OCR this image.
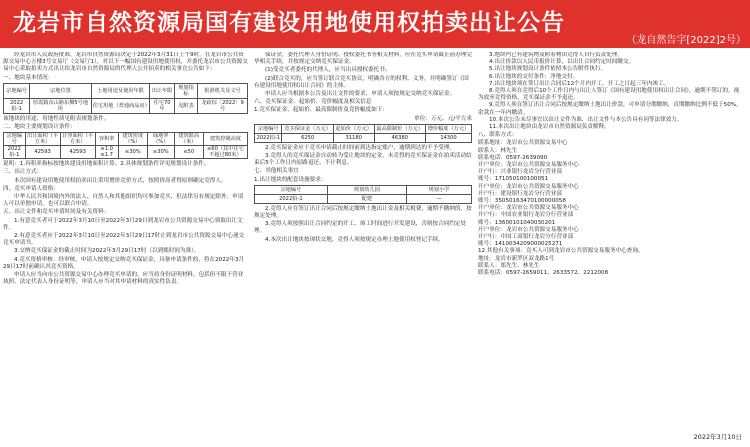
龙岩市自然资源局国有建设用地使用权拍卖出让公告
（龙自然告字[2022]2号）

经龙岩市人民政府批准，龙岩市自然资源局决定于2022年3月31日上午9时，在龙岩市公共资源交易中心五楼3号交易厅（交易厅1），对以下一幅国有建设用地使用权，并委托龙岩市公共资源交易中心采取拍卖方式出让给龙岩市自然资源局的代理人公开拍卖的相关事宜公告如下：

一、地块基本情况：

宗地编号	宗地位置	土地用途及使用年限	出让年限	规划指标	批准机关及文号
2022拍-1	厚霞镇东山路东侧5号地块	住宅用地（普通商品房）	住宅70年	见附表	龙政综〔2022〕9号

该地块的用途、用地性质见附表规划条件。

二、地块主要规划设计条件：

宗地编号	出让面积（平方米）	计容面积（平方米）	容积率	建筑密度（%）	绿地率（%）	建筑限高（米）	建筑控制高度
2022拍-1	42593	42593	≥1.0 ≤1.7	≤30%	≥30%	≤50	≤60（其中住宅不超过80米）

说明：1.容积率指标按地块建设用地面积计算；2.具体规划条件详见规划设计条件。

三、出让方式：

本次国有建设用地使用权拍卖出让采用增价竞价方式，按照价高者得原则确定竞得人。

四、竞买申请人资格：

中华人民共和国境内外的法人、自然人和其他组织均可参加竞买，但法律另有规定除外。申请人可以单独申请，也可以联合申请。

五、出让文件和竞买申请时间及有关资料：

1.有意竞买者可于2022年3月10日至2022年3月29日到龙岩市公共资源交易中心领取出让文件。

2.有意竞买者应于2022年3月10日至2022年3月29日17时止到龙岩市公共资源交易中心递交竞买申请书。

3.交纳竞买保证金的截止时间为2022年3月29日17时（以到账时间为准）。

4.竞买资格审核：经审核，申请人按规定交纳竞买保证金，具备申请条件的，将在2022年3月29日17时前确认其竞买资格。

申请人应当向市公共资源交易中心办理竞买申请的，应当持身份证明材料，包括但不限于营业执照、法定代表人身份证明等，申请人应当对其申请材料的真实性负责。

保证金，委托代理人身份证明、授权委托书等相关材料，应在竞买申请截止前办理完毕相关手续，并按规定交纳竞买保证金。

(1)受竞买者委托的代理人，应当出具授权委托书；

(2)联合竞买的，应当签订联合竞买协议，明确各方的权利、义务，并明确签订《国有建设用地使用权出让合同》的主体。

申请人应当根据本公告及出让文件的要求，申请人须按规定交纳竞买保证金。

六、竞买保证金、起始价、竞价幅度及相关信息

1.竞买保证金、起始价、最高限制价及竞价幅度如下：

单位：万元、元/平方米

宗地编号	竞买保证金（万元）	起始价（万元）	最高限制价（万元）	增价幅度（万元）
2022拍-1	6250	31180	46380	14300

2.竞买保证金应于竞买申请截止时间前到达指定账户，逾期到达的不予受理。

3.竞得人的竞买保证金自动转为受让地块的定金，未竞得的竞买保证金在拍卖活动结束后5个工作日内原路退还，不计利息。

七、其他相关事宜

1.出让地块的配套设施要求：

宗地编号	规划幼儿园	规划小学
2022拍-1	配建	—

2.竞得人应在签订出让合同后按规定缴纳土地出让金及相关税费，逾期不缴纳的，按规定处理。

3.竞得人须按照出让合同约定的开工、竣工时间进行开发建设，否则按合同约定处理。

4.本次出让地块按现状交地，竞得人须按规定办理土地使用权登记手续。

3.地块内已有建筑物及附着物由竞得人自行负责处理。

4.出让价款以人民币报价计算，以出让合同约定时间缴交。

5.出让地块规划设计条件依照本公告附件执行。

6.出让地块的交付条件：净地交付。

7.出让地块须在签订出让合同后12个月内开工，开工之日起三年内竣工。

8.竞得人须在竞得后10个工作日内与出让人签订《国有建设用地使用权出让合同》，逾期不签订的，视为放弃竞得资格，竞买保证金不予退还。

9.竞得人须在签订出让合同后按规定缴纳土地出让价款，可申请分期缴纳，首期缴纳比例不低于50%，余款在一年内缴清。

10.本次公告未尽事宜以出让文件为准，出让文件与本公告具有同等法律效力。

11.本次出让地块由龙岩市自然资源局负责解释。

八、联系方式：

联系地址：龙岩市公共资源交易中心

联系人：林先生

联系电话：0597-2639090

开户单位：龙岩市公共资源交易服务中心

开户行：兴业银行龙岩分行营业部

账号：171050100100051

开户单位：龙岩市公共资源交易服务中心

开户行：建设银行龙岩分行营业部

账号：35050163470100000058

开户单位：龙岩市公共资源交易服务中心

开户行：中国农业银行龙岩分行营业部

账号：13600101040030201

开户单位：龙岩市公共资源交易服务中心

开户行：中国工商银行龙岩分行营业部

账号：1410034209000025271

12.其他有关事项：竞买人可到龙岩市公共资源交易服务中心查询。

地址：龙岩市新罗区双龙路1号

联系人：郑先生、林先生

联系电话：0597-2659011、2633572、2212008

2022年3月10日
